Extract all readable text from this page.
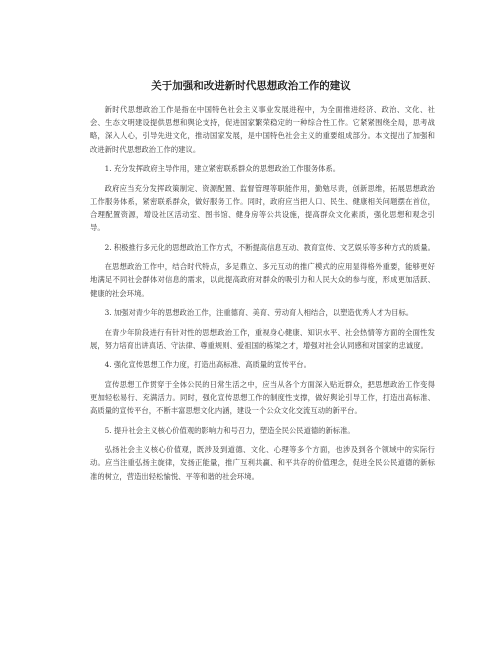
关于加强和改进新时代思想政治工作的建议

新时代思想政治工作是指在中国特色社会主义事业发展进程中，为全面推进经济、政治、文化、社会、生态文明建设提供思想和舆论支持，促进国家繁荣稳定的一种综合性工作。它紧紧围绕全局，思考战略，深入人心，引导先进文化，推动国家发展，是中国特色社会主义的重要组成部分。本文提出了加强和改进新时代思想政治工作的建议。

1. 充分发挥政府主导作用，建立紧密联系群众的思想政治工作服务体系。

政府应当充分发挥政策制定、资源配置、监督管理等职能作用，勤勉尽责，创新思维，拓展思想政治工作服务体系，紧密联系群众，做好服务工作。同时，政府应当把人口、民生、健康相关问题摆在首位，合理配置资源，增设社区活动室、图书馆、健身房等公共设施，提高群众文化素质，强化思想和观念引导。

2. 积极推行多元化的思想政治工作方式，不断提高信息互动、教育宣传、文艺娱乐等多种方式的质量。

在思想政治工作中，结合时代特点，多足鼎立、多元互动的推广模式的应用显得格外重要，能够更好地满足不同社会群体对信息的需求，以此提高政府对群众的吸引力和人民大众的参与度，形成更加活跃、健康的社会环境。

3. 加强对青少年的思想政治工作，注重德育、美育、劳动育人相结合，以塑造优秀人才为目标。

在青少年阶段进行有针对性的思想政治工作，重视身心健康、知识水平、社会热情等方面的全面性发展，努力培育出讲真话、守法律、尊重规则、爱祖国的栋梁之才，增强对社会认同感和对国家的忠诚度。

4. 强化宣传思想工作力度，打造出高标准、高质量的宣传平台。

宣传思想工作贯穿于全体公民的日常生活之中，应当从各个方面深入贴近群众，把思想政治工作变得更加轻松易行、充满活力。同时，强化宣传思想工作的制度性支撑，做好舆论引导工作，打造出高标准、高质量的宣传平台，不断丰富思想文化内涵，建设一个公众文化交流互动的新平台。

5. 提升社会主义核心价值观的影响力和号召力，塑造全民公民道德的新标准。

弘扬社会主义核心价值观，既涉及到道德、文化、心理等多个方面，也涉及到各个领域中的实际行动。应当注重弘扬主旋律，发扬正能量，推广互利共赢、和平共存的价值理念，促进全民公民道德的新标准的树立，营造出轻松愉悦、平等和谐的社会环境。
